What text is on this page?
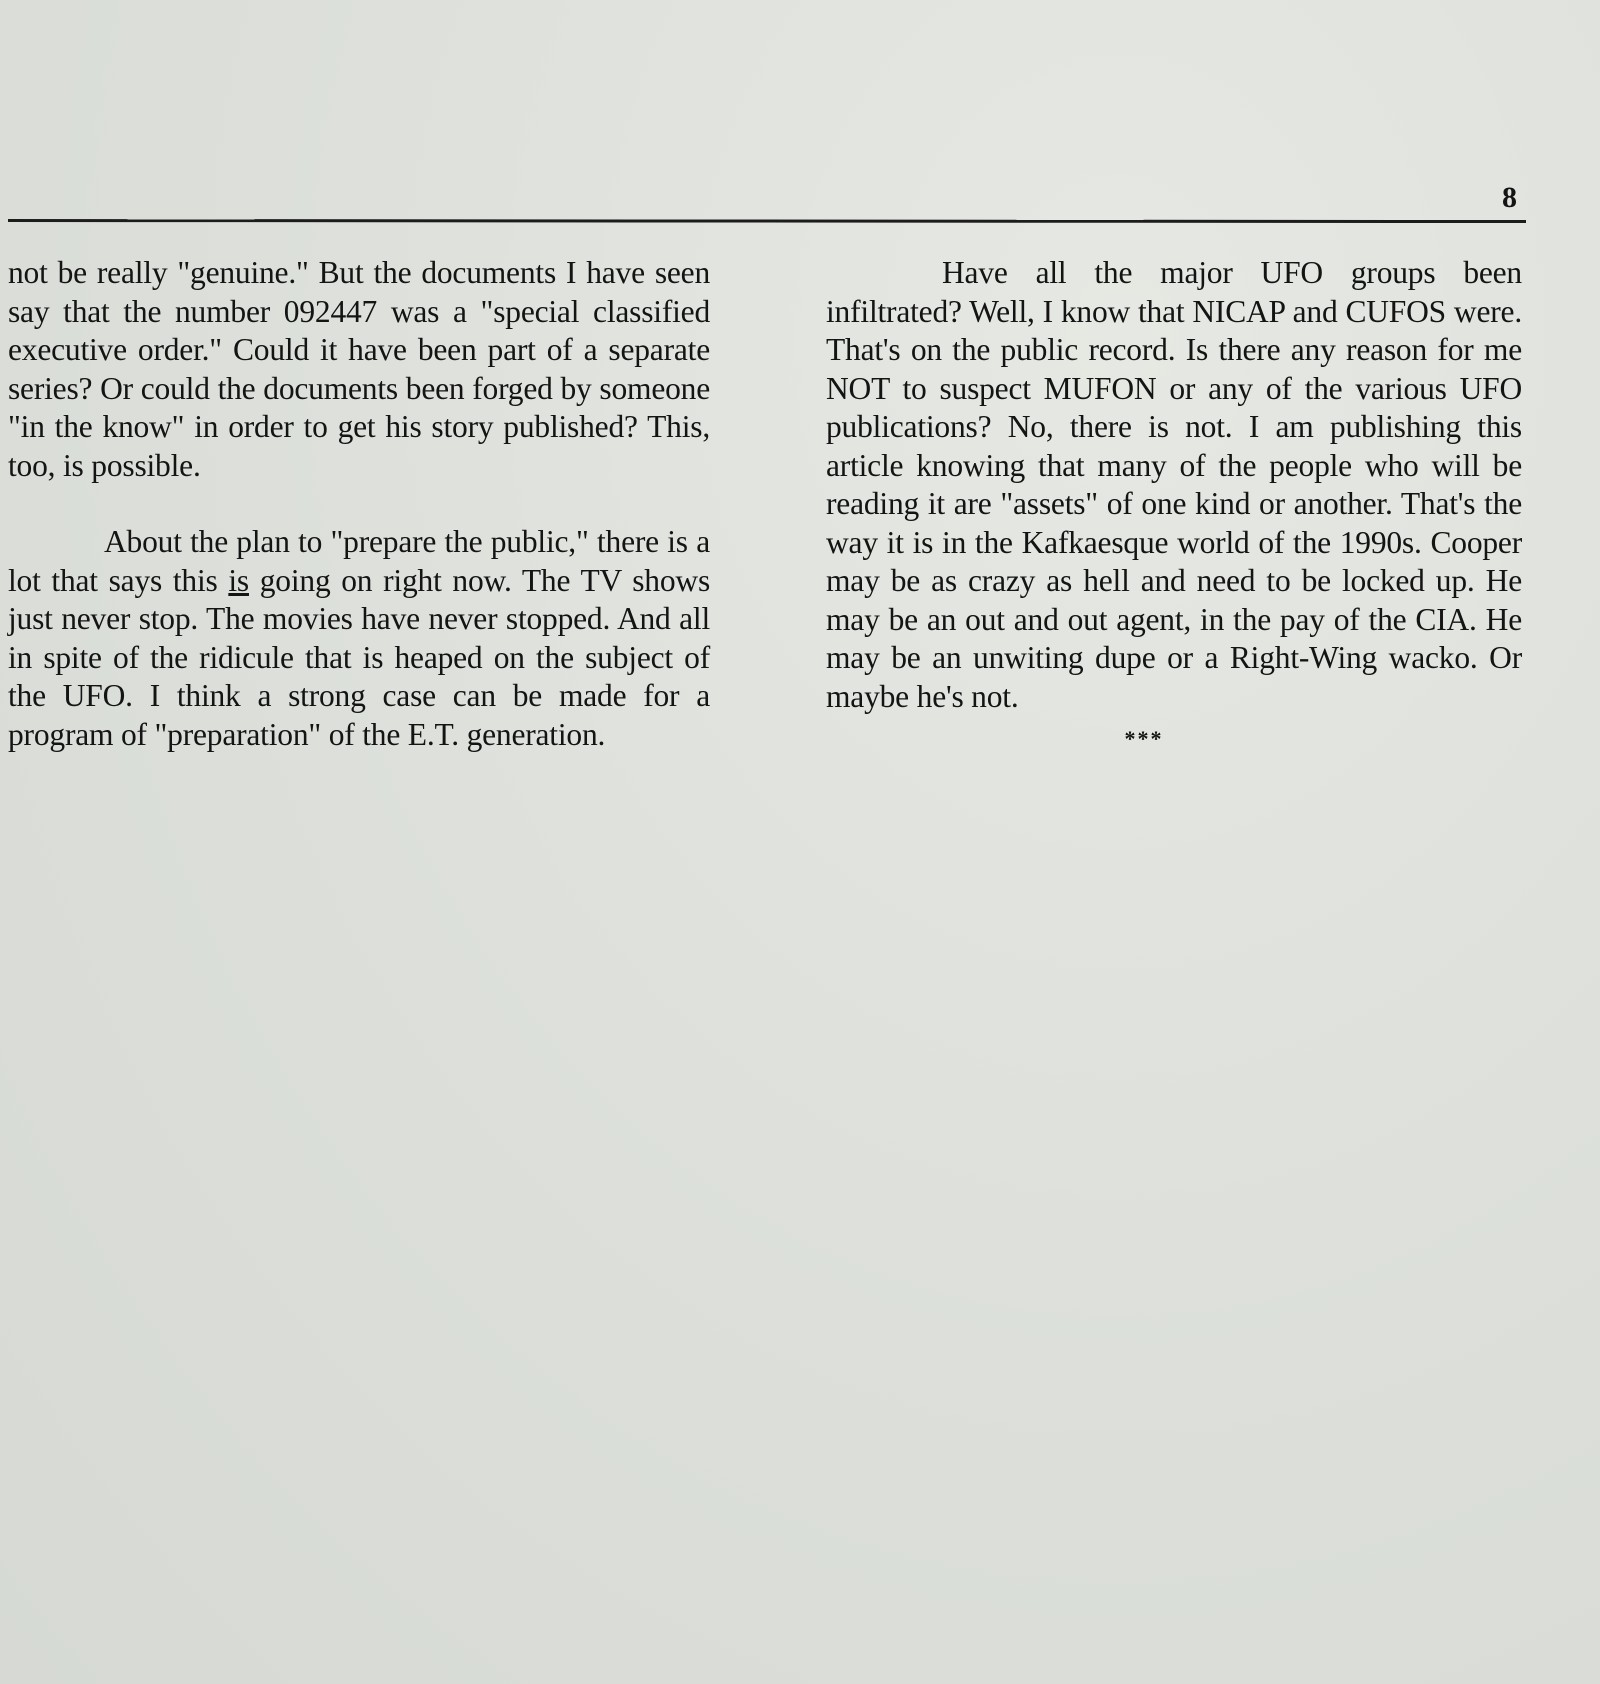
8

not be really "genuine." But the documents I have seen say that the number 092447 was a "special classified executive order." Could it have been part of a separate series? Or could the documents been forged by someone "in the know" in order to get his story published? This, too, is possible.

About the plan to "prepare the public," there is a lot that says this is going on right now. The TV shows just never stop. The movies have never stopped. And all in spite of the ridicule that is heaped on the subject of the UFO. I think a strong case can be made for a program of "preparation" of the E.T. generation.

Have all the major UFO groups been infiltrated? Well, I know that NICAP and CUFOS were. That's on the public record. Is there any reason for me NOT to suspect MUFON or any of the various UFO publications? No, there is not. I am publishing this article knowing that many of the people who will be reading it are "assets" of one kind or another. That's the way it is in the Kafkaesque world of the 1990s. Cooper may be as crazy as hell and need to be locked up. He may be an out and out agent, in the pay of the CIA. He may be an unwiting dupe or a Right-Wing wacko. Or maybe he's not.

***
